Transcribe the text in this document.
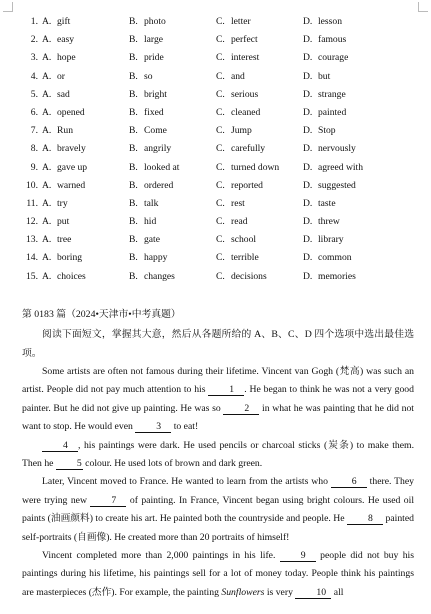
1. A. gift	B. photo	C. letter	D. lesson
2. A. easy	B. large	C. perfect	D. famous
3. A. hope	B. pride	C. interest	D. courage
4. A. or	B. so	C. and	D. but
5. A. sad	B. bright	C. serious	D. strange
6. A. opened	B. fixed	C. cleaned	D. painted
7. A. Run	B. Come	C. Jump	D. Stop
8. A. bravely	B. angrily	C. carefully	D. nervously
9. A. gave up	B. looked at	C. turned down D. agreed with
10. A. warned	B. ordered	C. reported	D. suggested
11. A. try	B. talk	C. rest	D. taste
12. A. put	B. hid	C. read	D. threw
13. A. tree	B. gate	C. school	D. library
14. A. boring	B. happy	C. terrible	D. common
15. A. choices	B. changes	C. decisions	D. memories
第 0183 篇（2024•天津市•中考真题）
阅读下面短文，掌握其大意，然后从各题所给的 A、B、C、D 四个选项中选出最佳选项。

Some artists are often not famous during their lifetime. Vincent van Gogh (梵高) was such an artist. People did not pay much attention to his 1 . He began to think he was not a very good painter. But he did not give up painting. He was so 2 in what he was painting that he did not want to stop. He would even 3 to eat!

4 , his paintings were dark. He used pencils or charcoal sticks (炭条) to make them. Then he 5 colour. He used lots of brown and dark green.

Later, Vincent moved to France. He wanted to learn from the artists who 6 there. They were trying new	7 of painting. In France, Vincent began using bright colours. He used oil paints (油画颜料) to create his art. He painted both the countryside and people. He 8 painted self-portraits (自画像). He created more than 20 portraits of himself!

Vincent completed more than 2,000 paintings in his life.	9 people did not buy his paintings during his lifetime, his paintings sell for a lot of money today. People think his paintings are masterpieces (杰作). For example, the painting Sunflowers is very 10 all
